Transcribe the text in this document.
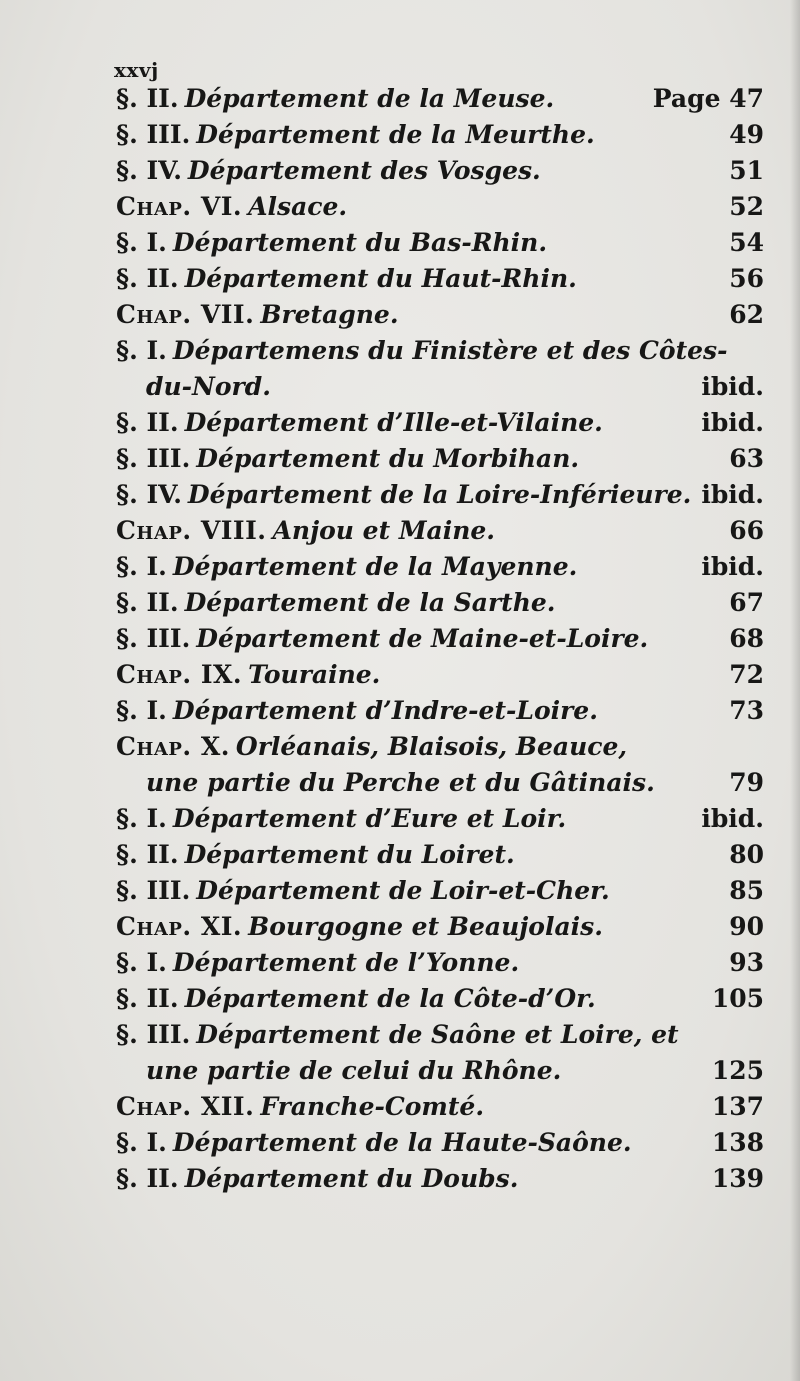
xxvj
§. II. Département de la Meuse.	Page 47
§. III. Département de la Meurthe.	49
§. IV. Département des Vosges.	51
Chap. VI. Alsace.	52
§. I. Département du Bas-Rhin.	54
§. II. Département du Haut-Rhin.	56
Chap. VII. Bretagne.	62
§. I. Départemens du Finistère et des Côtes-
du-Nord.	ibid.
§. II. Département d’Ille-et-Vilaine.	ibid.
§. III. Département du Morbihan.	63
§. IV. Département de la Loire-Inférieure. ibid.
Chap. VIII. Anjou et Maine.	66
§. I. Département de la Mayenne.	ibid.
§. II. Département de la Sarthe.	67
§. III. Département de Maine-et-Loire.	68
Chap. IX. Touraine.	72
§. I. Département d’Indre-et-Loire.	73
Chap. X. Orléanais, Blaisois, Beauce,
une partie du Perche et du Gâtinais.	79
§. I. Département d’Eure et Loir.	ibid.
§. II. Département du Loiret.	80
§. III. Département de Loir-et-Cher.	85
Chap. XI. Bourgogne et Beaujolais.	90
§. I. Département de l’Yonne.	93
§. II. Département de la Côte-d’Or.	105
§. III. Département de Saône et Loire, et
une partie de celui du Rhône.	125
Chap. XII. Franche-Comté.	137
§. I. Département de la Haute-Saône.	138
§. II. Département du Doubs.	139
